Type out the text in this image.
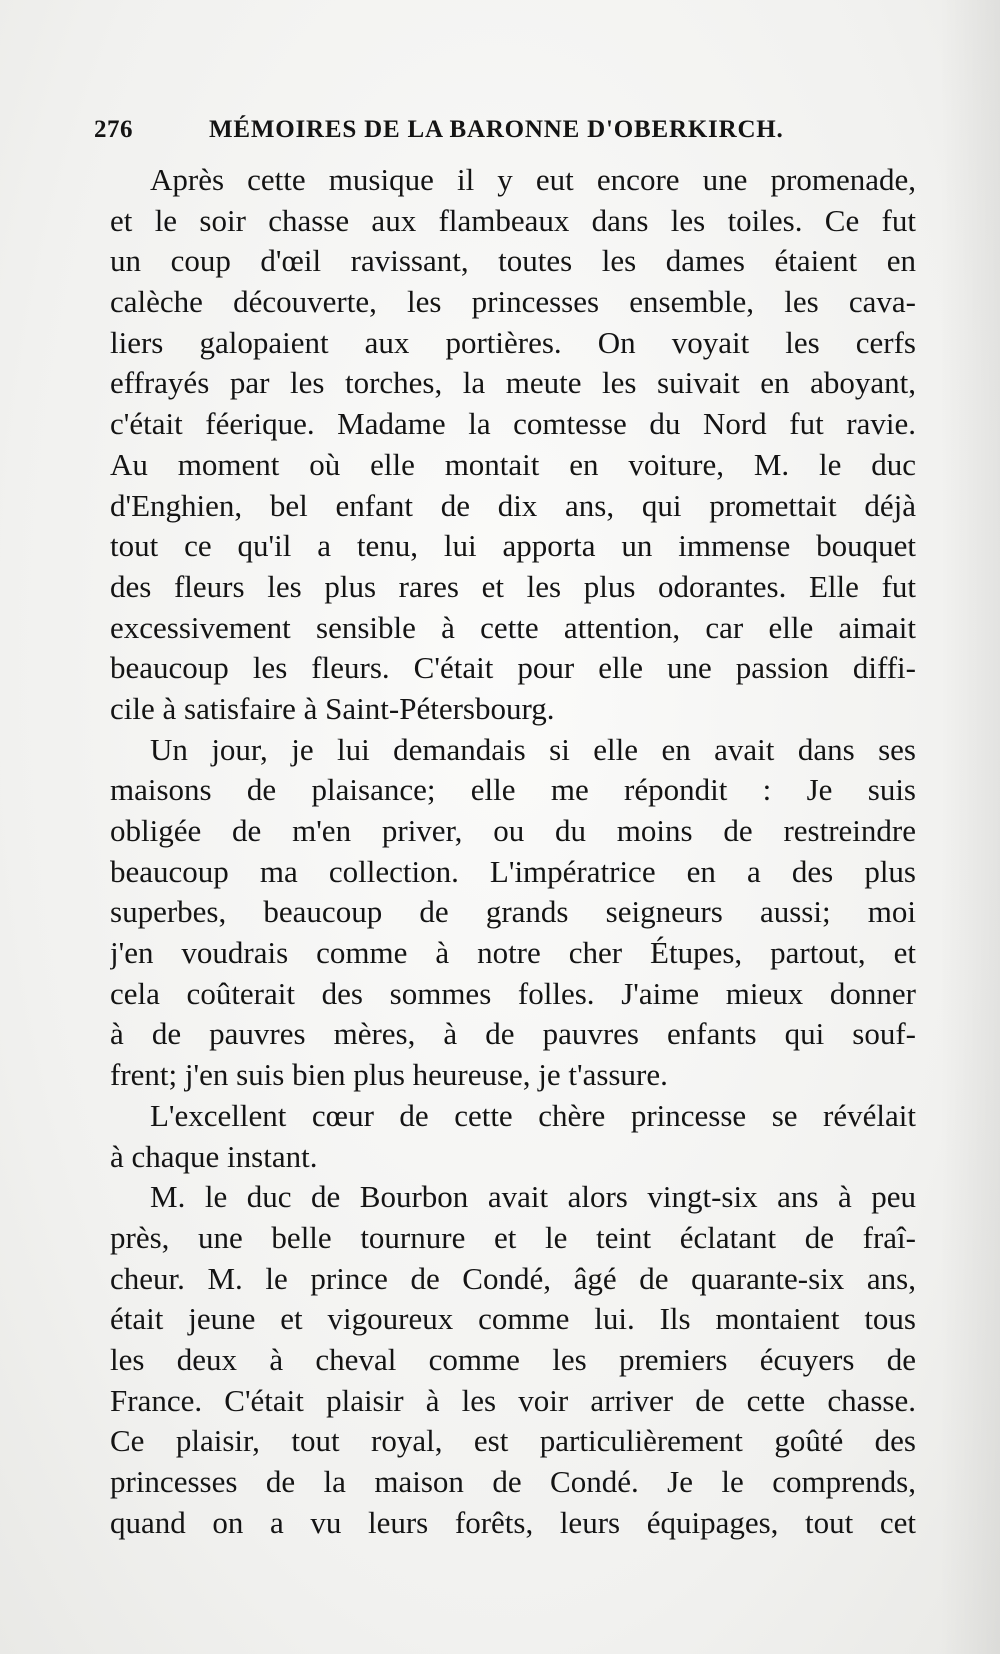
276	MÉMOIRES DE LA BARONNE D'OBERKIRCH.
Après cette musique il y eut encore une promenade,
et le soir chasse aux flambeaux dans les toiles. Ce fut
un coup d'œil ravissant, toutes les dames étaient en
calèche découverte, les princesses ensemble, les cava-
liers galopaient aux portières. On voyait les cerfs
effrayés par les torches, la meute les suivait en aboyant,
c'était féerique. Madame la comtesse du Nord fut ravie.
Au moment où elle montait en voiture, M. le duc
d'Enghien, bel enfant de dix ans, qui promettait déjà
tout ce qu'il a tenu, lui apporta un immense bouquet
des fleurs les plus rares et les plus odorantes. Elle fut
excessivement sensible à cette attention, car elle aimait
beaucoup les fleurs. C'était pour elle une passion diffi-
cile à satisfaire à Saint-Pétersbourg.
Un jour, je lui demandais si elle en avait dans ses
maisons de plaisance; elle me répondit : Je suis
obligée de m'en priver, ou du moins de restreindre
beaucoup ma collection. L'impératrice en a des plus
superbes, beaucoup de grands seigneurs aussi; moi
j'en voudrais comme à notre cher Étupes, partout, et
cela coûterait des sommes folles. J'aime mieux donner
à de pauvres mères, à de pauvres enfants qui souf-
frent; j'en suis bien plus heureuse, je t'assure.
L'excellent cœur de cette chère princesse se révélait
à chaque instant.
M. le duc de Bourbon avait alors vingt-six ans à peu
près, une belle tournure et le teint éclatant de fraî-
cheur. M. le prince de Condé, âgé de quarante-six ans,
était jeune et vigoureux comme lui. Ils montaient tous
les deux à cheval comme les premiers écuyers de
France. C'était plaisir à les voir arriver de cette chasse.
Ce plaisir, tout royal, est particulièrement goûté des
princesses de la maison de Condé. Je le comprends,
quand on a vu leurs forêts, leurs équipages, tout cet
